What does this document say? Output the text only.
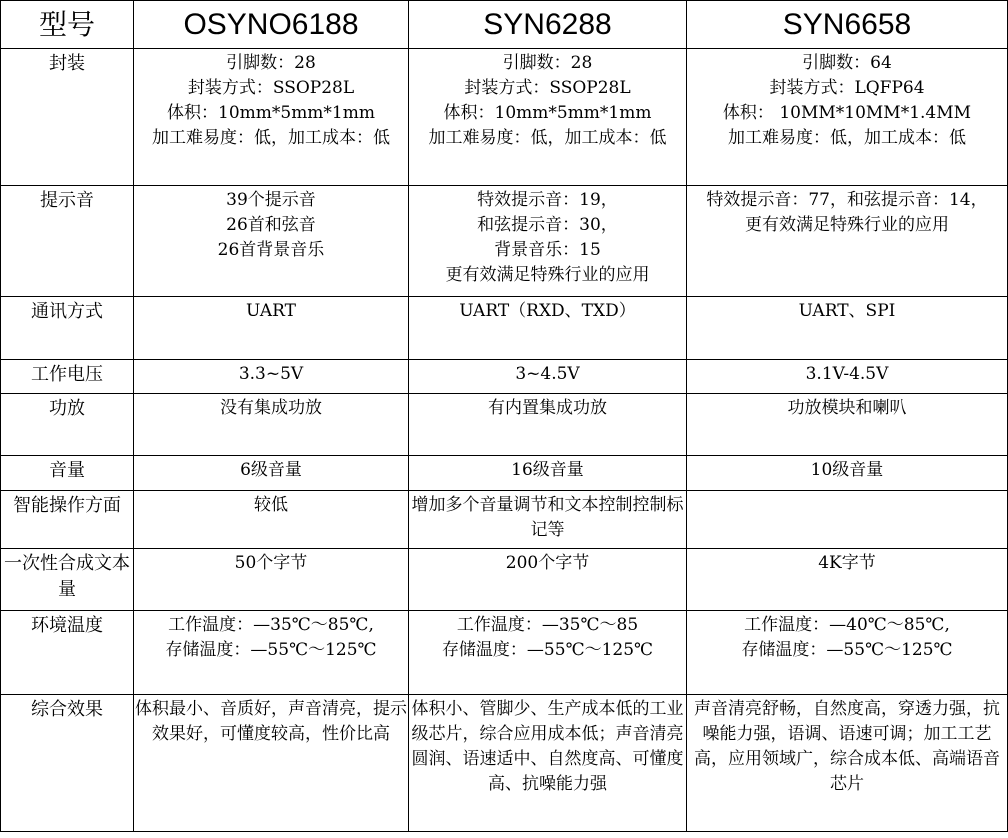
型号	OSYNO6188	SYN6288	SYN6658
封装	引脚数：28
封装方式：SSOP28L
体积：10mm*5mm*1mm
加工难易度：低，加工成本：低	引脚数：28
封装方式：SSOP28L
体积：10mm*5mm*1mm
加工难易度：低，加工成本：低	引脚数：64
封装方式：LQFP64
体积： 10MM*10MM*1.4MM
加工难易度：低，加工成本：低

提示音	39个提示音
26首和弦音
26首背景音乐	特效提示音：19，
和弦提示音：30，
背景音乐：15
更有效满足特殊行业的应用	特效提示音：77，和弦提示音：14，
更有效满足特殊行业的应用

通讯方式	UART	UART（RXD、TXD）	UART、SPI
工作电压	3.3~5V	3~4.5V	3.1V-4.5V
功放	没有集成功放	有内置集成功放	功放模块和喇叭
音量	6级音量	16级音量	10级音量
智能操作方面	较低	增加多个音量调节和文本控制控制标记等	
一次性合成文本量	50个字节	200个字节	4K字节
环境温度	工作温度：—35℃～85℃,
存储温度：—55℃～125℃	工作温度：—35℃～85
存储温度：—55℃～125℃	工作温度：—40℃～85℃,
存储温度：—55℃～125℃

综合效果	体积最小、音质好，声音清亮，提示效果好，可懂度较高，性价比高	体积小、管脚少、生产成本低的工业级芯片，综合应用成本低；声音清亮圆润、语速适中、自然度高、可懂度高、抗噪能力强	声音清亮舒畅，自然度高，穿透力强，抗噪能力强，语调、语速可调；加工工艺高，应用领域广，综合成本低、高端语音芯片
